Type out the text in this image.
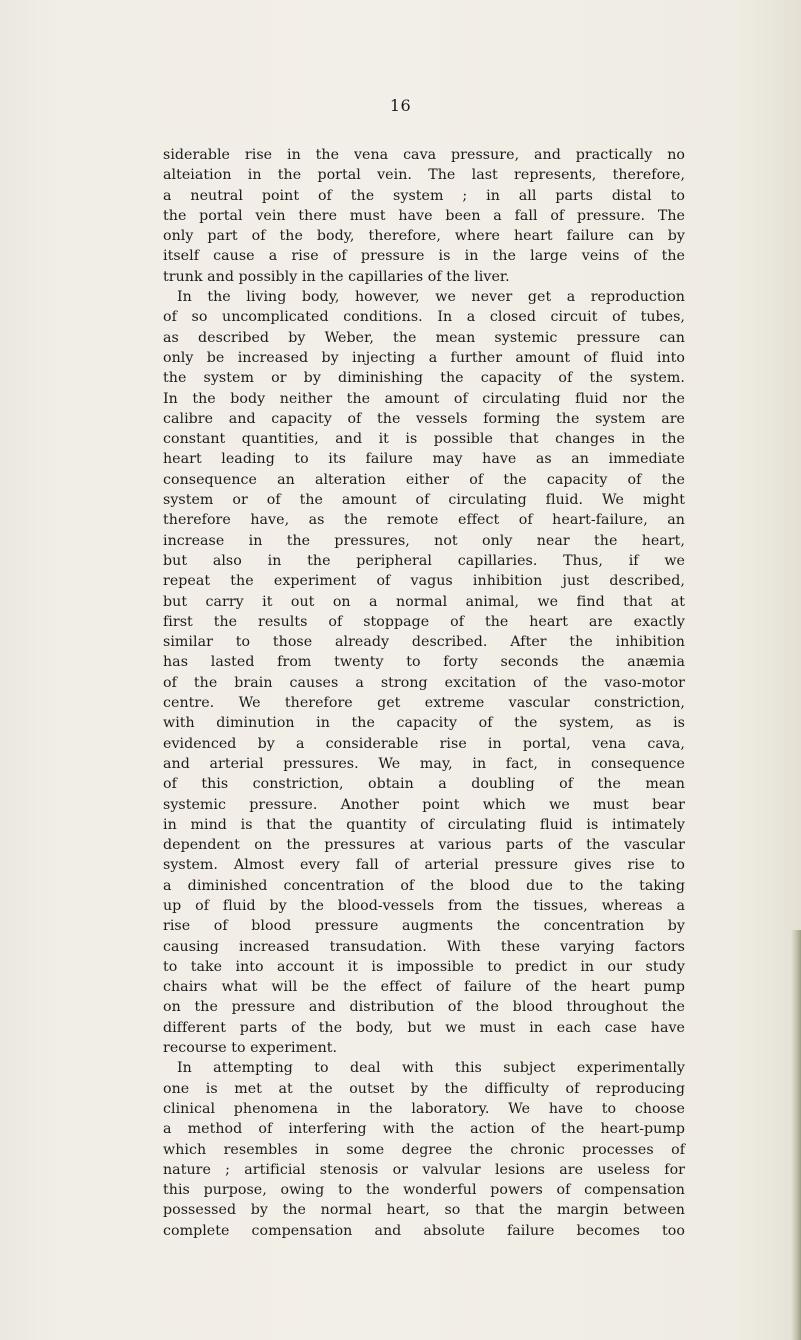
16
siderable rise in the vena cava pressure, and practically no
alteiation in the portal vein. The last represents, therefore,
a neutral point of the system ; in all parts distal to
the portal vein there must have been a fall of pressure. The
only part of the body, therefore, where heart failure can by
itself cause a rise of pressure is in the large veins of the
trunk and possibly in the capillaries of the liver.
In the living body, however, we never get a reproduction
of so uncomplicated conditions. In a closed circuit of tubes,
as described by Weber, the mean systemic pressure can
only be increased by injecting a further amount of fluid into
the system or by diminishing the capacity of the system.
In the body neither the amount of circulating fluid nor the
calibre and capacity of the vessels forming the system are
constant quantities, and it is possible that changes in the
heart leading to its failure may have as an immediate
consequence an alteration either of the capacity of the
system or of the amount of circulating fluid. We might
therefore have, as the remote effect of heart-failure, an
increase in the pressures, not only near the heart,
but also in the peripheral capillaries. Thus, if we
repeat the experiment of vagus inhibition just described,
but carry it out on a normal animal, we find that at
first the results of stoppage of the heart are exactly
similar to those already described. After the inhibition
has lasted from twenty to forty seconds the anæmia
of the brain causes a strong excitation of the vaso-motor
centre. We therefore get extreme vascular constriction,
with diminution in the capacity of the system, as is
evidenced by a considerable rise in portal, vena cava,
and arterial pressures. We may, in fact, in consequence
of this constriction, obtain a doubling of the mean
systemic pressure. Another point which we must bear
in mind is that the quantity of circulating fluid is intimately
dependent on the pressures at various parts of the vascular
system. Almost every fall of arterial pressure gives rise to
a diminished concentration of the blood due to the taking
up of fluid by the blood-vessels from the tissues, whereas a
rise of blood pressure augments the concentration by
causing increased transudation. With these varying factors
to take into account it is impossible to predict in our study
chairs what will be the effect of failure of the heart pump
on the pressure and distribution of the blood throughout the
different parts of the body, but we must in each case have
recourse to experiment.
In attempting to deal with this subject experimentally
one is met at the outset by the difficulty of reproducing
clinical phenomena in the laboratory. We have to choose
a method of interfering with the action of the heart-pump
which resembles in some degree the chronic processes of
nature ; artificial stenosis or valvular lesions are useless for
this purpose, owing to the wonderful powers of compensation
possessed by the normal heart, so that the margin between
complete compensation and absolute failure becomes too
